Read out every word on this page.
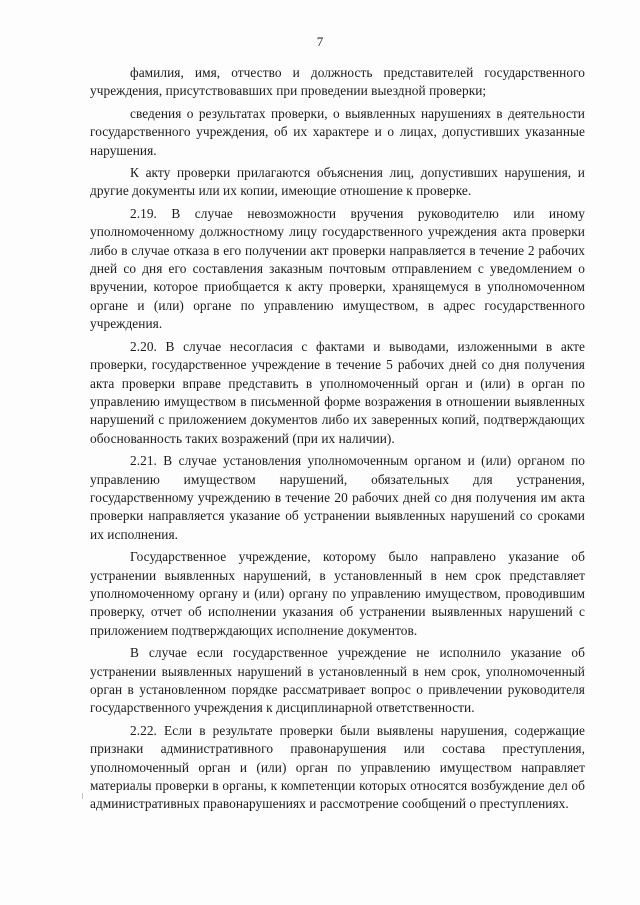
7

фамилия, имя, отчество и должность представителей государственного учреждения, присутствовавших при проведении выездной проверки;

сведения о результатах проверки, о выявленных нарушениях в деятельности государственного учреждения, об их характере и о лицах, допустивших указанные нарушения.

К акту проверки прилагаются объяснения лиц, допустивших нарушения, и другие документы или их копии, имеющие отношение к проверке.

2.19. В случае невозможности вручения руководителю или иному уполномоченному должностному лицу государственного учреждения акта проверки либо в случае отказа в его получении акт проверки направляется в течение 2 рабочих дней со дня его составления заказным почтовым отправлением с уведомлением о вручении, которое приобщается к акту проверки, хранящемуся в уполномоченном органе и (или) органе по управлению имуществом, в адрес государственного учреждения.

2.20. В случае несогласия с фактами и выводами, изложенными в акте проверки, государственное учреждение в течение 5 рабочих дней со дня получения акта проверки вправе представить в уполномоченный орган и (или) в орган по управлению имуществом в письменной форме возражения в отношении выявленных нарушений с приложением документов либо их заверенных копий, подтверждающих обоснованность таких возражений (при их наличии).

2.21. В случае установления уполномоченным органом и (или) органом по управлению имуществом нарушений, обязательных для устранения, государственному учреждению в течение 20 рабочих дней со дня получения им акта проверки направляется указание об устранении выявленных нарушений со сроками их исполнения.

Государственное учреждение, которому было направлено указание об устранении выявленных нарушений, в установленный в нем срок представляет уполномоченному органу и (или) органу по управлению имуществом, проводившим проверку, отчет об исполнении указания об устранении выявленных нарушений с приложением подтверждающих исполнение документов.

В случае если государственное учреждение не исполнило указание об устранении выявленных нарушений в установленный в нем срок, уполномоченный орган в установленном порядке рассматривает вопрос о привлечении руководителя государственного учреждения к дисциплинарной ответственности.

2.22. Если в результате проверки были выявлены нарушения, содержащие признаки административного правонарушения или состава преступления, уполномоченный орган и (или) орган по управлению имуществом направляет материалы проверки в органы, к компетенции которых относятся возбуждение дел об административных правонарушениях и рассмотрение сообщений о преступлениях.
